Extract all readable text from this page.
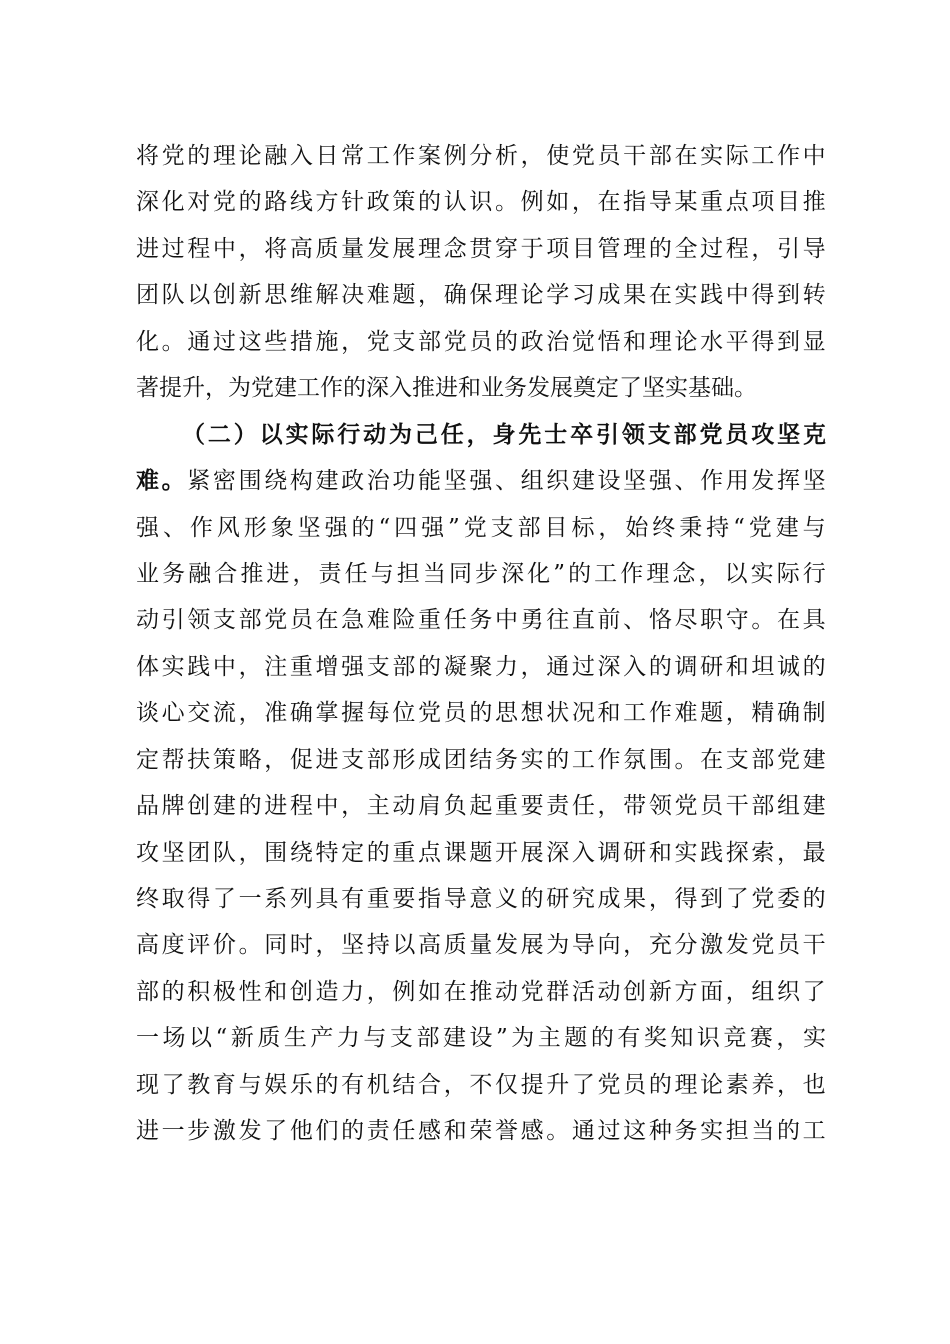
将 党 的 理 论 融 入 日 常 工 作 案 例 分 析 ， 使 党 员 干 部 在 实 际 工 作 中
深 化 对 党 的 路 线 方 针 政 策 的 认 识 。 例 如 ， 在 指 导 某 重 点 项 目 推
进 过 程 中 ， 将 高 质 量 发 展 理 念 贯 穿 于 项 目 管 理 的 全 过 程 ， 引 导
团 队 以 创 新 思 维 解 决 难 题 ， 确 保 理 论 学 习 成 果 在 实 践 中 得 到 转
化 。 通 过 这 些 措 施 ， 党 支 部 党 员 的 政 治 觉 悟 和 理 论 水 平 得 到 显
著 提 升 ， 为 党 建 工 作 的 深 入 推 进 和 业 务 发 展 奠 定 了 坚 实 基 础 。
（ 二 ） 以 实 际 行 动 为 己 任 ， 身 先 士 卒 引 领 支 部 党 员 攻 坚 克
难 。 紧 密 围 绕 构 建 政 治 功 能 坚 强 、 组 织 建 设 坚 强 、 作 用 发 挥 坚
强 、 作 风 形 象 坚 强 的 “ 四 强 ” 党 支 部 目 标 ， 始 终 秉 持 “ 党 建 与
业 务 融 合 推 进 ， 责 任 与 担 当 同 步 深 化 ” 的 工 作 理 念 ， 以 实 际 行
动 引 领 支 部 党 员 在 急 难 险 重 任 务 中 勇 往 直 前 、 恪 尽 职 守 。 在 具
体 实 践 中 ， 注 重 增 强 支 部 的 凝 聚 力 ， 通 过 深 入 的 调 研 和 坦 诚 的
谈 心 交 流 ， 准 确 掌 握 每 位 党 员 的 思 想 状 况 和 工 作 难 题 ， 精 确 制
定 帮 扶 策 略 ， 促 进 支 部 形 成 团 结 务 实 的 工 作 氛 围 。 在 支 部 党 建
品 牌 创 建 的 进 程 中 ， 主 动 肩 负 起 重 要 责 任 ， 带 领 党 员 干 部 组 建
攻 坚 团 队 ， 围 绕 特 定 的 重 点 课 题 开 展 深 入 调 研 和 实 践 探 索 ， 最
终 取 得 了 一 系 列 具 有 重 要 指 导 意 义 的 研 究 成 果 ， 得 到 了 党 委 的
高 度 评 价 。 同 时 ， 坚 持 以 高 质 量 发 展 为 导 向 ， 充 分 激 发 党 员 干
部 的 积 极 性 和 创 造 力 ， 例 如 在 推 动 党 群 活 动 创 新 方 面 ， 组 织 了
一 场 以 “ 新 质 生 产 力 与 支 部 建 设 ” 为 主 题 的 有 奖 知 识 竞 赛 ， 实
现 了 教 育 与 娱 乐 的 有 机 结 合 ， 不 仅 提 升 了 党 员 的 理 论 素 养 ， 也
进 一 步 激 发 了 他 们 的 责 任 感 和 荣 誉 感 。 通 过 这 种 务 实 担 当 的 工
